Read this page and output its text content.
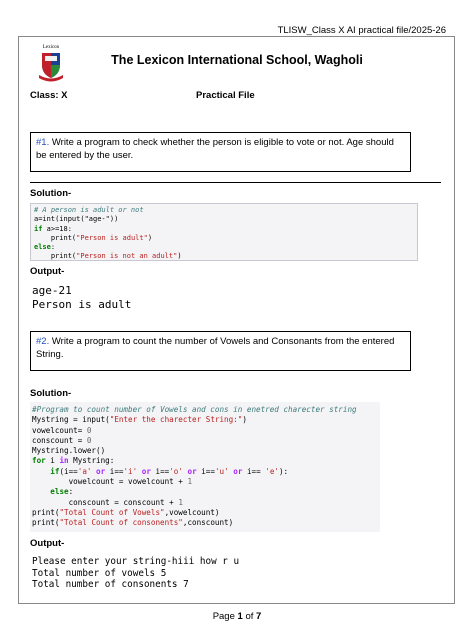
TLISW_Class X AI practical file/2025-26
Lexicon
The Lexicon International School, Wagholi
Class: X	Practical File
#1. Write a program to check whether the person is eligible to vote or not. Age should be entered by the user.
Solution-
# A person is adult or not
a=int(input("age-"))
if a>=18:
print("Person is adult")
else:
print("Person is not an adult")
Output-
age-21
Person is adult
#2. Write a program to count the number of Vowels and Consonants from the entered String.
Solution-
#Program to count number of Vowels and cons in enetred charecter string
Mystring = input("Enter the charecter String:")
vowelcount= 0
conscount = 0
Mystring.lower()
for i in Mystring:
if(i=='a' or i=='i' or i=='o' or i=='u' or i== 'e'):
vowelcount = vowelcount + 1
else:
conscount = conscount + 1
print("Total Count of Vowels",vowelcount)
print("Total Count of consonents",conscount)
Output-
Please enter your string-hiii how r u
Total number of vowels 5
Total number of consonents 7
Page 1 of 7
